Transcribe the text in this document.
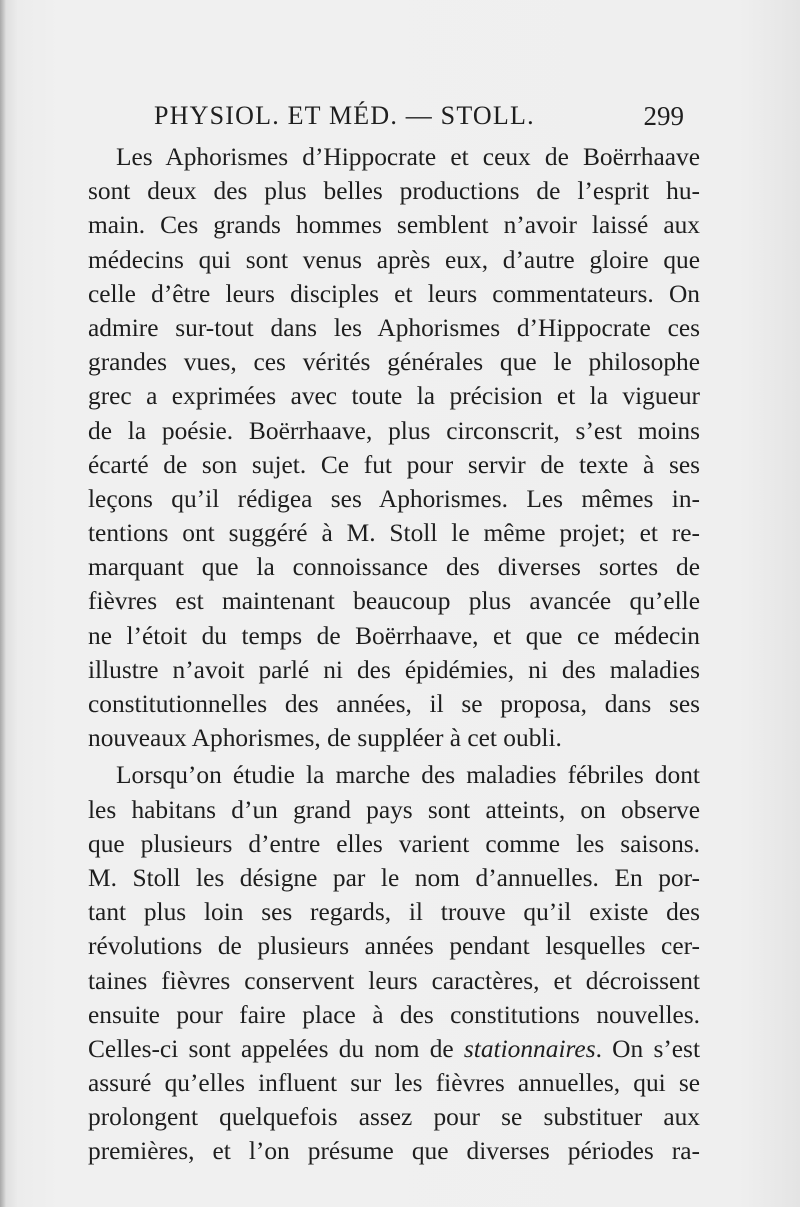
PHYSIOL. ET MÉD. — STOLL.	299
Les Aphorismes d’Hippocrate et ceux de Boërrhaave
sont deux des plus belles productions de l’esprit hu-
main. Ces grands hommes semblent n’avoir laissé aux
médecins qui sont venus après eux, d’autre gloire que
celle d’être leurs disciples et leurs commentateurs. On
admire sur-tout dans les Aphorismes d’Hippocrate ces
grandes vues, ces vérités générales que le philosophe
grec a exprimées avec toute la précision et la vigueur
de la poésie. Boërrhaave, plus circonscrit, s’est moins
écarté de son sujet. Ce fut pour servir de texte à ses
leçons qu’il rédigea ses Aphorismes. Les mêmes in-
tentions ont suggéré à M. Stoll le même projet; et re-
marquant que la connoissance des diverses sortes de
fièvres est maintenant beaucoup plus avancée qu’elle
ne l’étoit du temps de Boërrhaave, et que ce médecin
illustre n’avoit parlé ni des épidémies, ni des maladies
constitutionnelles des années, il se proposa, dans ses
nouveaux Aphorismes, de suppléer à cet oubli.
Lorsqu’on étudie la marche des maladies fébriles dont
les habitans d’un grand pays sont atteints, on observe
que plusieurs d’entre elles varient comme les saisons.
M. Stoll les désigne par le nom d’annuelles. En por-
tant plus loin ses regards, il trouve qu’il existe des
révolutions de plusieurs années pendant lesquelles cer-
taines fièvres conservent leurs caractères, et décroissent
ensuite pour faire place à des constitutions nouvelles.
Celles-ci sont appelées du nom de stationnaires. On s’est
assuré qu’elles influent sur les fièvres annuelles, qui se
prolongent quelquefois assez pour se substituer aux
premières, et l’on présume que diverses périodes ra-
